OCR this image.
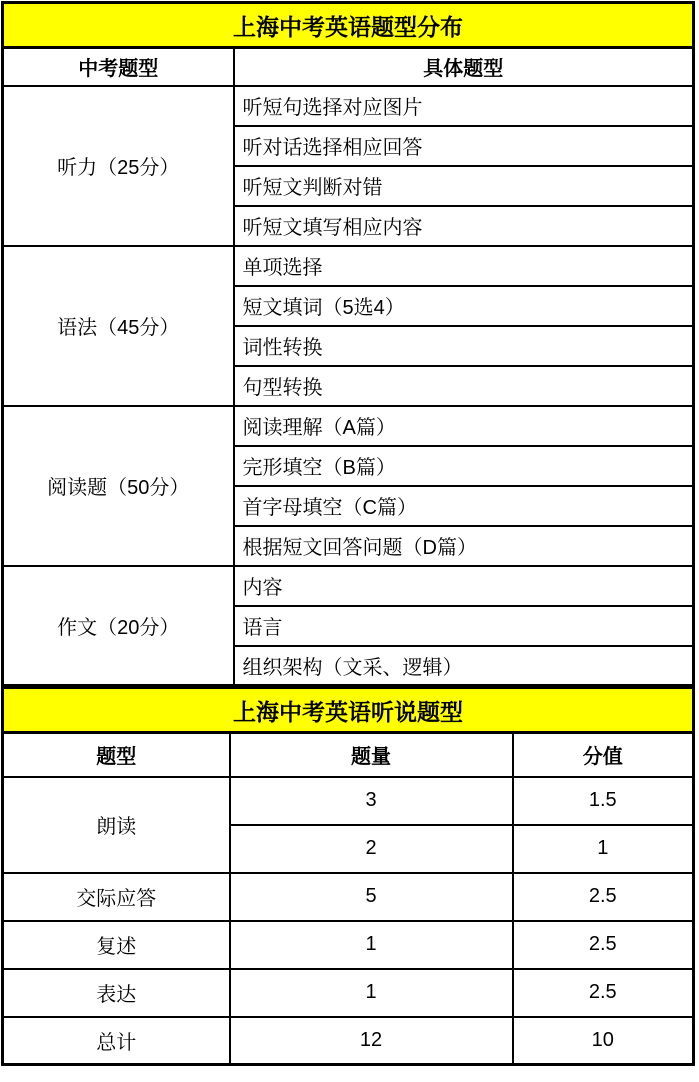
上海中考英语题型分布	
中考题型	具体题型
听力（25分）	听短句选择对应图片
	听对话选择相应回答
	听短文判断对错
	听短文填写相应内容
语法（45分）	单项选择
	短文填词（5选4）
	词性转换
	句型转换
阅读题（50分）	阅读理解（A篇）
	完形填空（B篇）
	首字母填空（C篇）
	根据短文回答问题（D篇）
作文（20分）	内容
	语言
	组织架构（文采、逻辑）
上海中考英语听说题型		
题型	题量	分值
朗读	3	1.5
	2	1
交际应答	5	2.5
复述	1	2.5
表达	1	2.5
总计	12	10
